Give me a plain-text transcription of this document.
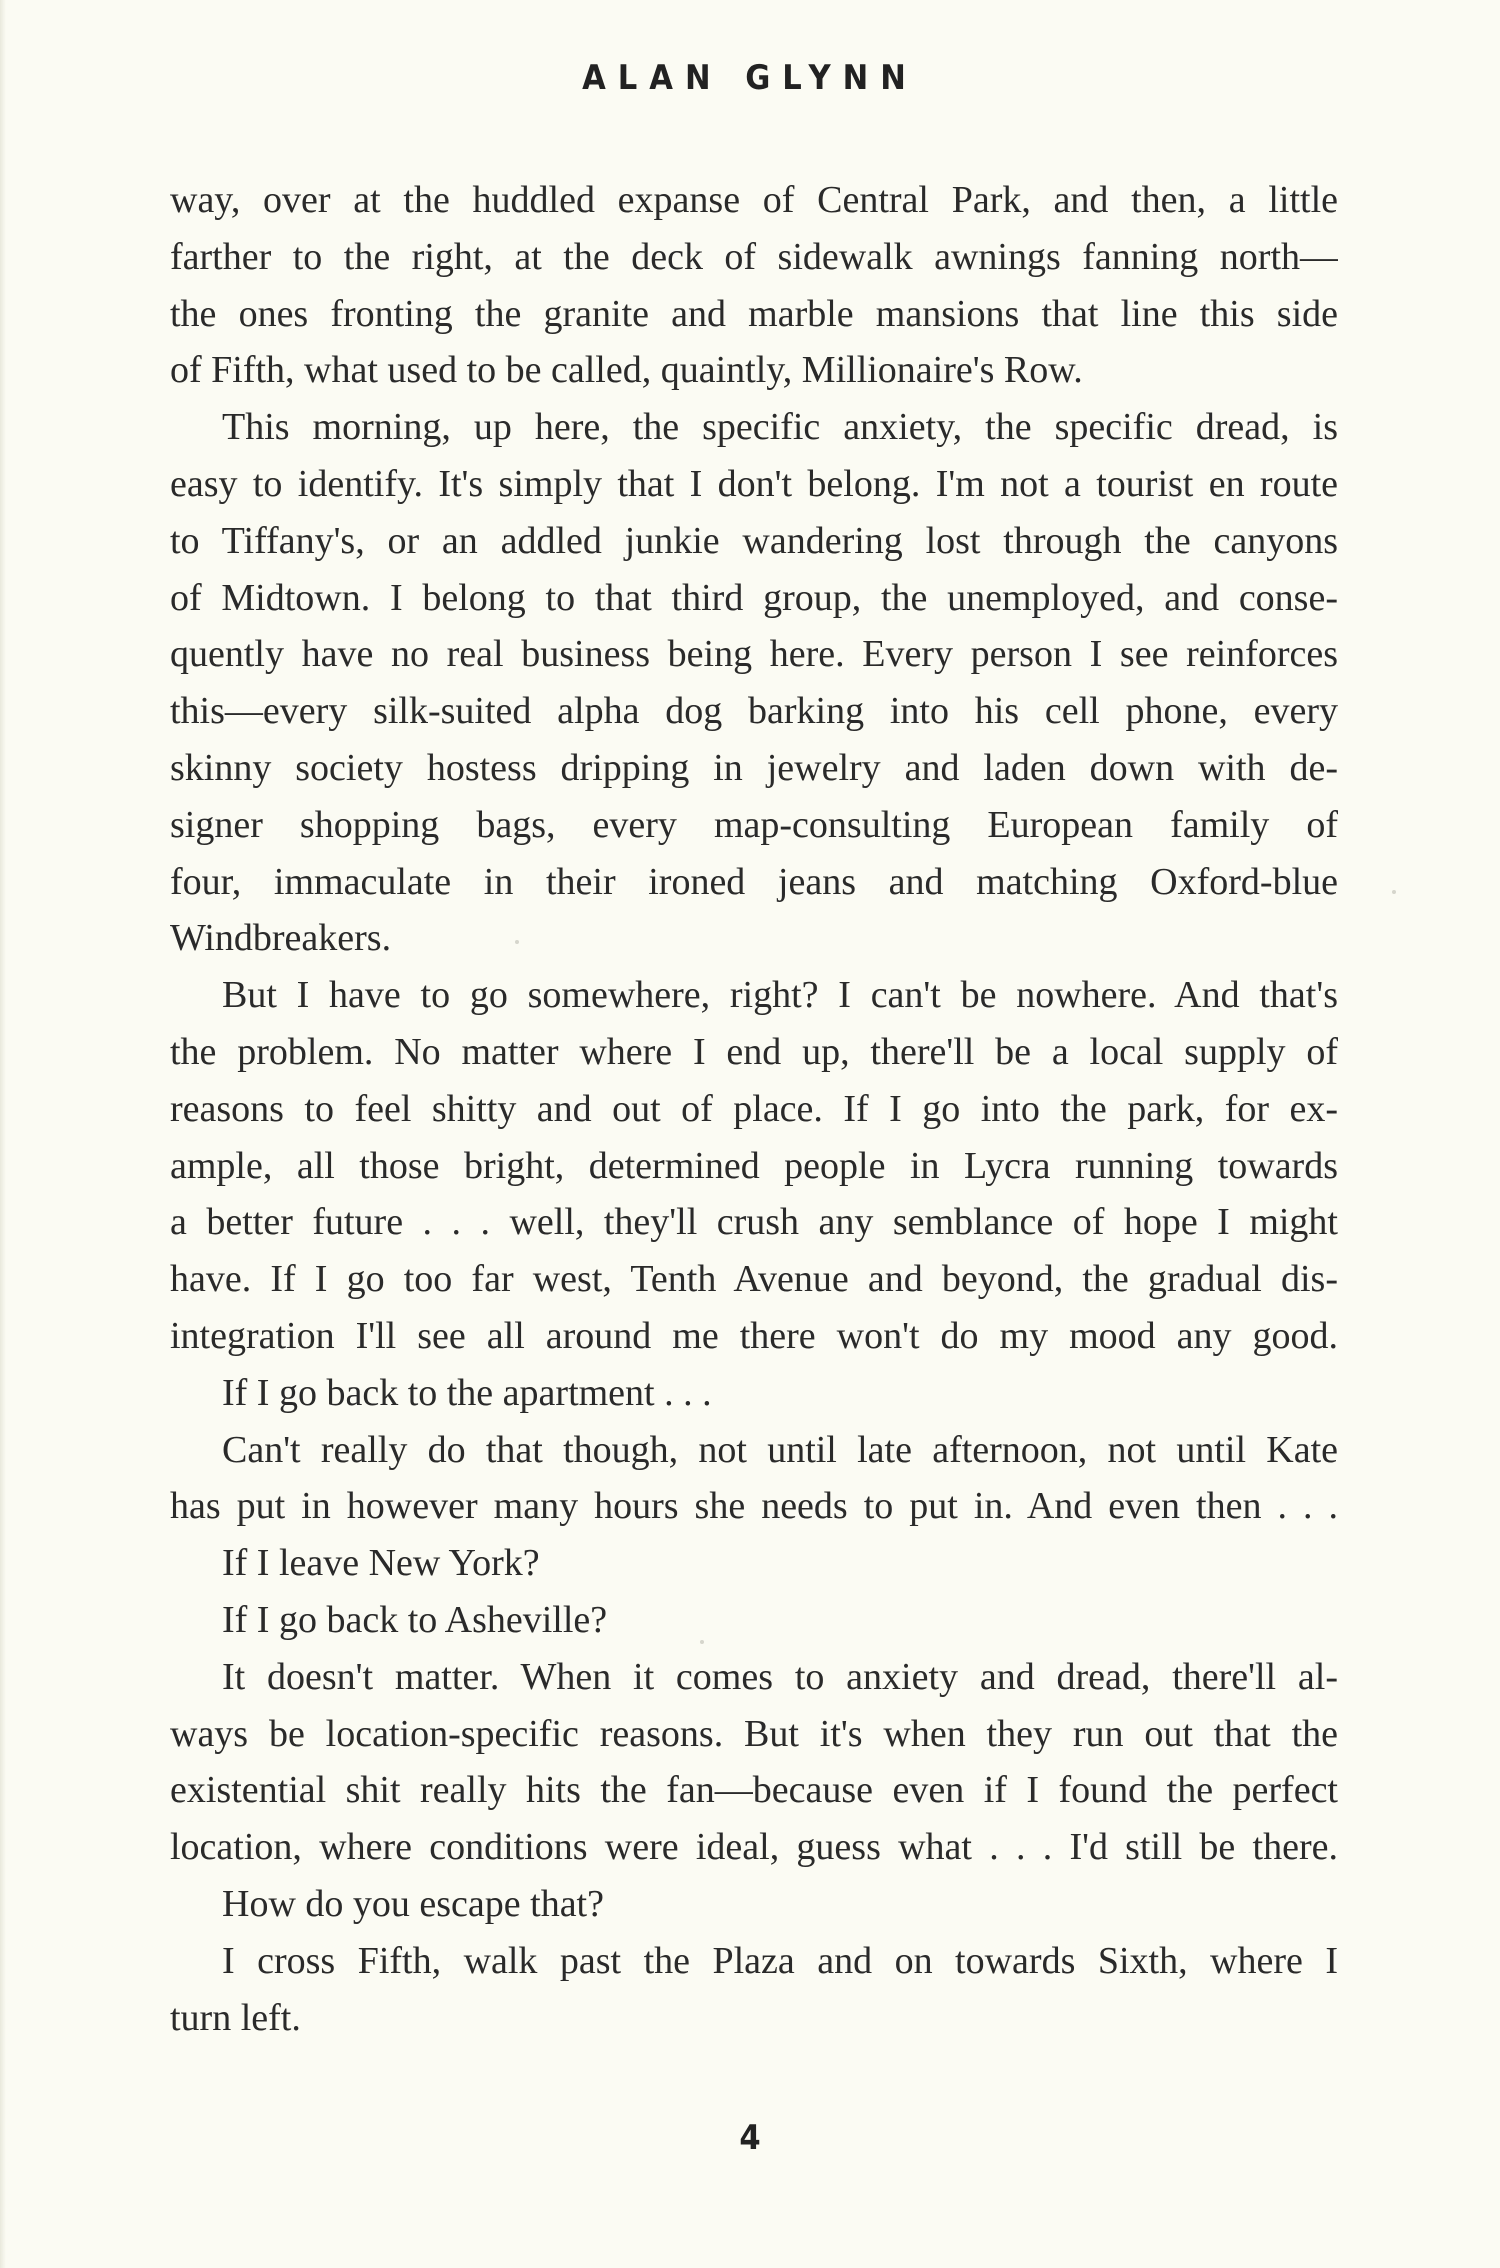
ALAN GLYNN
way, over at the huddled expanse of Central Park, and then, a little
farther to the right, at the deck of sidewalk awnings fanning north—
the ones fronting the granite and marble mansions that line this side
of Fifth, what used to be called, quaintly, Millionaire's Row.
This morning, up here, the specific anxiety, the specific dread, is
easy to identify. It's simply that I don't belong. I'm not a tourist en route
to Tiffany's, or an addled junkie wandering lost through the canyons
of Midtown. I belong to that third group, the unemployed, and conse-
quently have no real business being here. Every person I see reinforces
this—every silk-suited alpha dog barking into his cell phone, every
skinny society hostess dripping in jewelry and laden down with de-
signer shopping bags, every map-consulting European family of
four, immaculate in their ironed jeans and matching Oxford-blue
Windbreakers.
But I have to go somewhere, right? I can't be nowhere. And that's
the problem. No matter where I end up, there'll be a local supply of
reasons to feel shitty and out of place. If I go into the park, for ex-
ample, all those bright, determined people in Lycra running towards
a better future . . . well, they'll crush any semblance of hope I might
have. If I go too far west, Tenth Avenue and beyond, the gradual dis-
integration I'll see all around me there won't do my mood any good.
If I go back to the apartment . . .
Can't really do that though, not until late afternoon, not until Kate
has put in however many hours she needs to put in. And even then . . .
If I leave New York?
If I go back to Asheville?
It doesn't matter. When it comes to anxiety and dread, there'll al-
ways be location-specific reasons. But it's when they run out that the
existential shit really hits the fan—because even if I found the perfect
location, where conditions were ideal, guess what . . . I'd still be there.
How do you escape that?
I cross Fifth, walk past the Plaza and on towards Sixth, where I
turn left.
4
